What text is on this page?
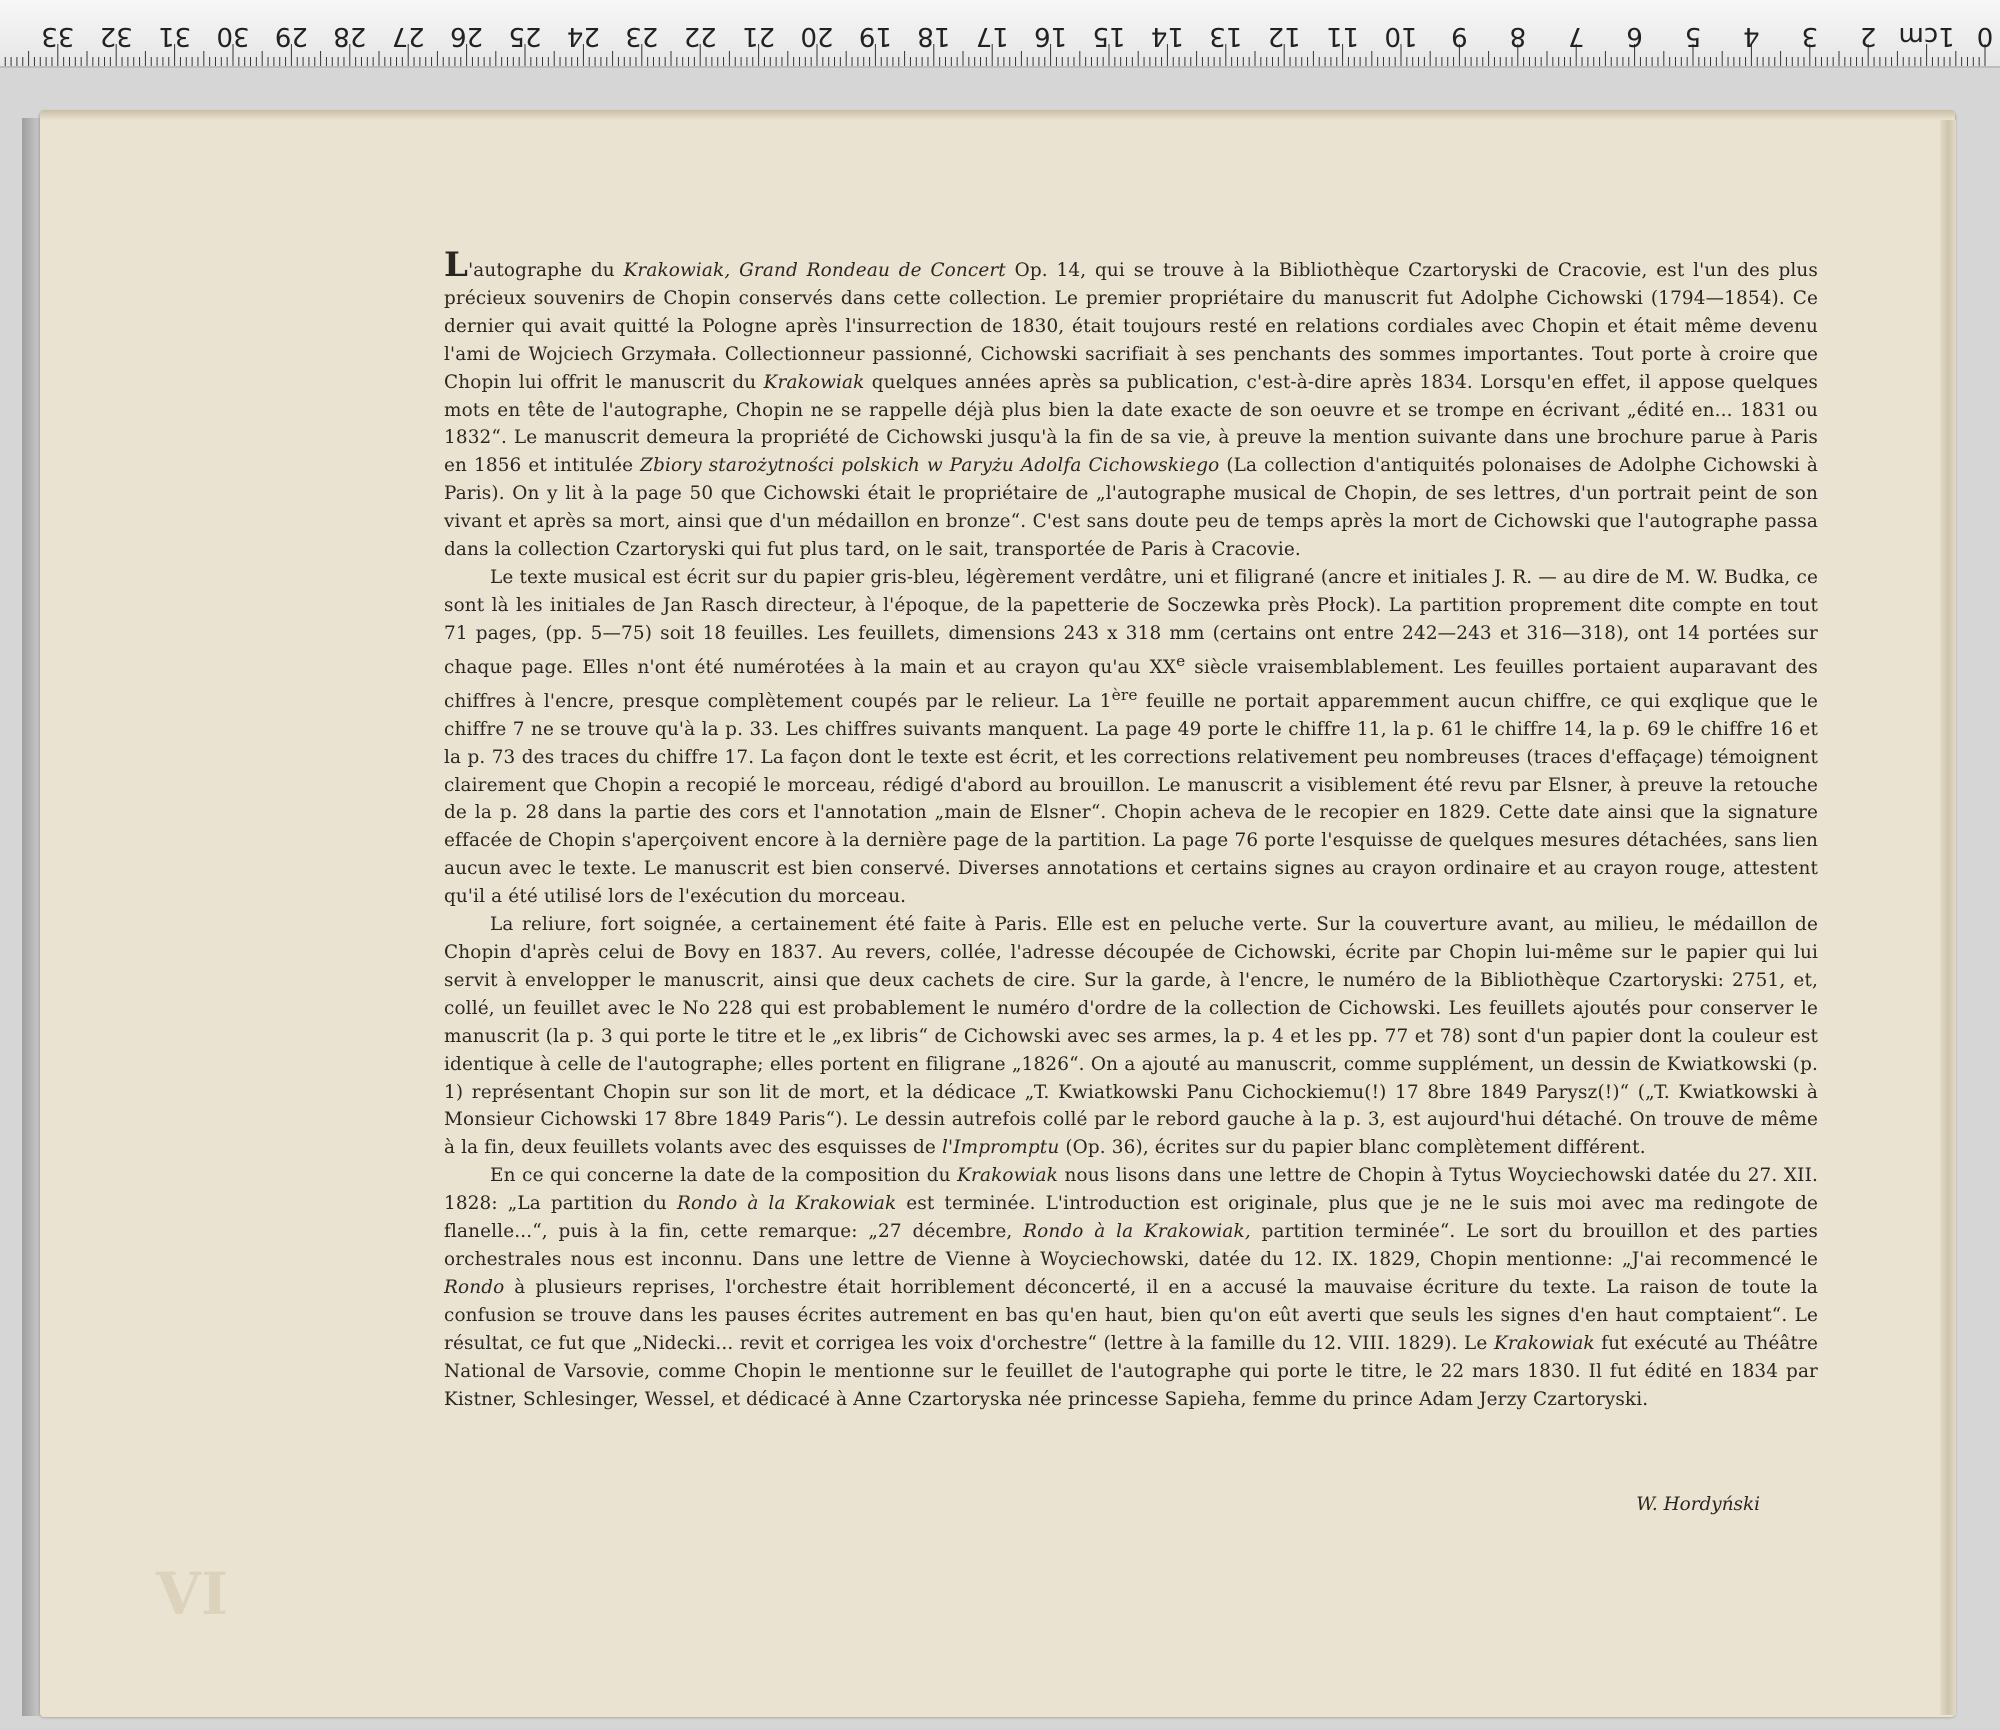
0
1cm
2
3
4
5
6
7
8
9
10
11
12
13
14
15
16
17
18
19
20
21
22
23
24
25
26
27
28
29
30
31
32
33

L'autographe du Krakowiak, Grand Rondeau de Concert Op. 14, qui se trouve à la Bibliothèque Czartoryski de Cracovie, est l'un des plus précieux souvenirs de Chopin conservés dans cette collection. Le premier propriétaire du manuscrit fut Adolphe Cichowski (1794—1854). Ce dernier qui avait quitté la Pologne après l'insurrection de 1830, était toujours resté en relations cordiales avec Chopin et était même devenu l'ami de Wojciech Grzymała. Collectionneur passionné, Cichowski sacrifiait à ses penchants des sommes importantes. Tout porte à croire que Chopin lui offrit le manuscrit du Krakowiak quelques années après sa publication, c'est-à-dire après 1834. Lorsqu'en effet, il appose quelques mots en tête de l'autographe, Chopin ne se rappelle déjà plus bien la date exacte de son oeuvre et se trompe en écrivant „édité en... 1831 ou 1832“. Le manuscrit demeura la propriété de Cichowski jusqu'à la fin de sa vie, à preuve la mention suivante dans une brochure parue à Paris en 1856 et intitulée Zbiory starożytności polskich w Paryżu Adolfa Cichowskiego (La collection d'antiquités polonaises de Adolphe Cichowski à Paris). On y lit à la page 50 que Cichowski était le propriétaire de „l'autographe musical de Chopin, de ses lettres, d'un portrait peint de son vivant et après sa mort, ainsi que d'un médaillon en bronze“. C'est sans doute peu de temps après la mort de Cichowski que l'autographe passa dans la collection Czartoryski qui fut plus tard, on le sait, transportée de Paris à Cracovie.

Le texte musical est écrit sur du papier gris-bleu, légèrement verdâtre, uni et filigrané (ancre et initiales J. R. — au dire de M. W. Budka, ce sont là les initiales de Jan Rasch directeur, à l'époque, de la papetterie de Soczewka près Płock). La partition proprement dite compte en tout 71 pages, (pp. 5—75) soit 18 feuilles. Les feuillets, dimensions 243 x 318 mm (certains ont entre 242—243 et 316—318), ont 14 portées sur chaque page. Elles n'ont été numérotées à la main et au crayon qu'au XXe siècle vraisemblablement. Les feuilles portaient auparavant des chiffres à l'encre, presque complètement coupés par le relieur. La 1ère feuille ne portait apparemment aucun chiffre, ce qui exqlique que le chiffre 7 ne se trouve qu'à la p. 33. Les chiffres suivants manquent. La page 49 porte le chiffre 11, la p. 61 le chiffre 14, la p. 69 le chiffre 16 et la p. 73 des traces du chiffre 17. La façon dont le texte est écrit, et les corrections relativement peu nombreuses (traces d'effaçage) témoignent clairement que Chopin a recopié le morceau, rédigé d'abord au brouillon. Le manuscrit a visiblement été revu par Elsner, à preuve la retouche de la p. 28 dans la partie des cors et l'annotation „main de Elsner“. Chopin acheva de le recopier en 1829. Cette date ainsi que la signature effacée de Chopin s'aperçoivent encore à la dernière page de la partition. La page 76 porte l'esquisse de quelques mesures détachées, sans lien aucun avec le texte. Le manuscrit est bien conservé. Diverses annotations et certains signes au crayon ordinaire et au crayon rouge, attestent qu'il a été utilisé lors de l'exécution du morceau.

La reliure, fort soignée, a certainement été faite à Paris. Elle est en peluche verte. Sur la couverture avant, au milieu, le médaillon de Chopin d'après celui de Bovy en 1837. Au revers, collée, l'adresse découpée de Cichowski, écrite par Chopin lui-même sur le papier qui lui servit à envelopper le manuscrit, ainsi que deux cachets de cire. Sur la garde, à l'encre, le numéro de la Bibliothèque Czartoryski: 2751, et, collé, un feuillet avec le No 228 qui est probablement le numéro d'ordre de la collection de Cichowski. Les feuillets ajoutés pour conserver le manuscrit (la p. 3 qui porte le titre et le „ex libris“ de Cichowski avec ses armes, la p. 4 et les pp. 77 et 78) sont d'un papier dont la couleur est identique à celle de l'autographe; elles portent en filigrane „1826“. On a ajouté au manuscrit, comme supplément, un dessin de Kwiatkowski (p. 1) représentant Chopin sur son lit de mort, et la dédicace „T. Kwiatkowski Panu Cichockiemu(!) 17 8bre 1849 Parysz(!)“ („T. Kwiatkowski à Monsieur Cichowski 17 8bre 1849 Paris“). Le dessin autrefois collé par le rebord gauche à la p. 3, est aujourd'hui détaché. On trouve de même à la fin, deux feuillets volants avec des esquisses de l'Impromptu (Op. 36), écrites sur du papier blanc complètement différent.

En ce qui concerne la date de la composition du Krakowiak nous lisons dans une lettre de Chopin à Tytus Woyciechowski datée du 27. XII. 1828: „La partition du Rondo à la Krakowiak est terminée. L'introduction est originale, plus que je ne le suis moi avec ma redingote de flanelle...“, puis à la fin, cette remarque: „27 décembre, Rondo à la Krakowiak, partition terminée“. Le sort du brouillon et des parties orchestrales nous est inconnu. Dans une lettre de Vienne à Woyciechowski, datée du 12. IX. 1829, Chopin mentionne: „J'ai recommencé le Rondo à plusieurs reprises, l'orchestre était horriblement déconcerté, il en a accusé la mauvaise écriture du texte. La raison de toute la confusion se trouve dans les pauses écrites autrement en bas qu'en haut, bien qu'on eût averti que seuls les signes d'en haut comptaient“. Le résultat, ce fut que „Nidecki... revit et corrigea les voix d'orchestre“ (lettre à la famille du 12. VIII. 1829). Le Krakowiak fut exécuté au Théâtre National de Varsovie, comme Chopin le mentionne sur le feuillet de l'autographe qui porte le titre, le 22 mars 1830. Il fut édité en 1834 par Kistner, Schlesinger, Wessel, et dédicacé à Anne Czartoryska née princesse Sapieha, femme du prince Adam Jerzy Czartoryski.

W. Hordyński
VI
